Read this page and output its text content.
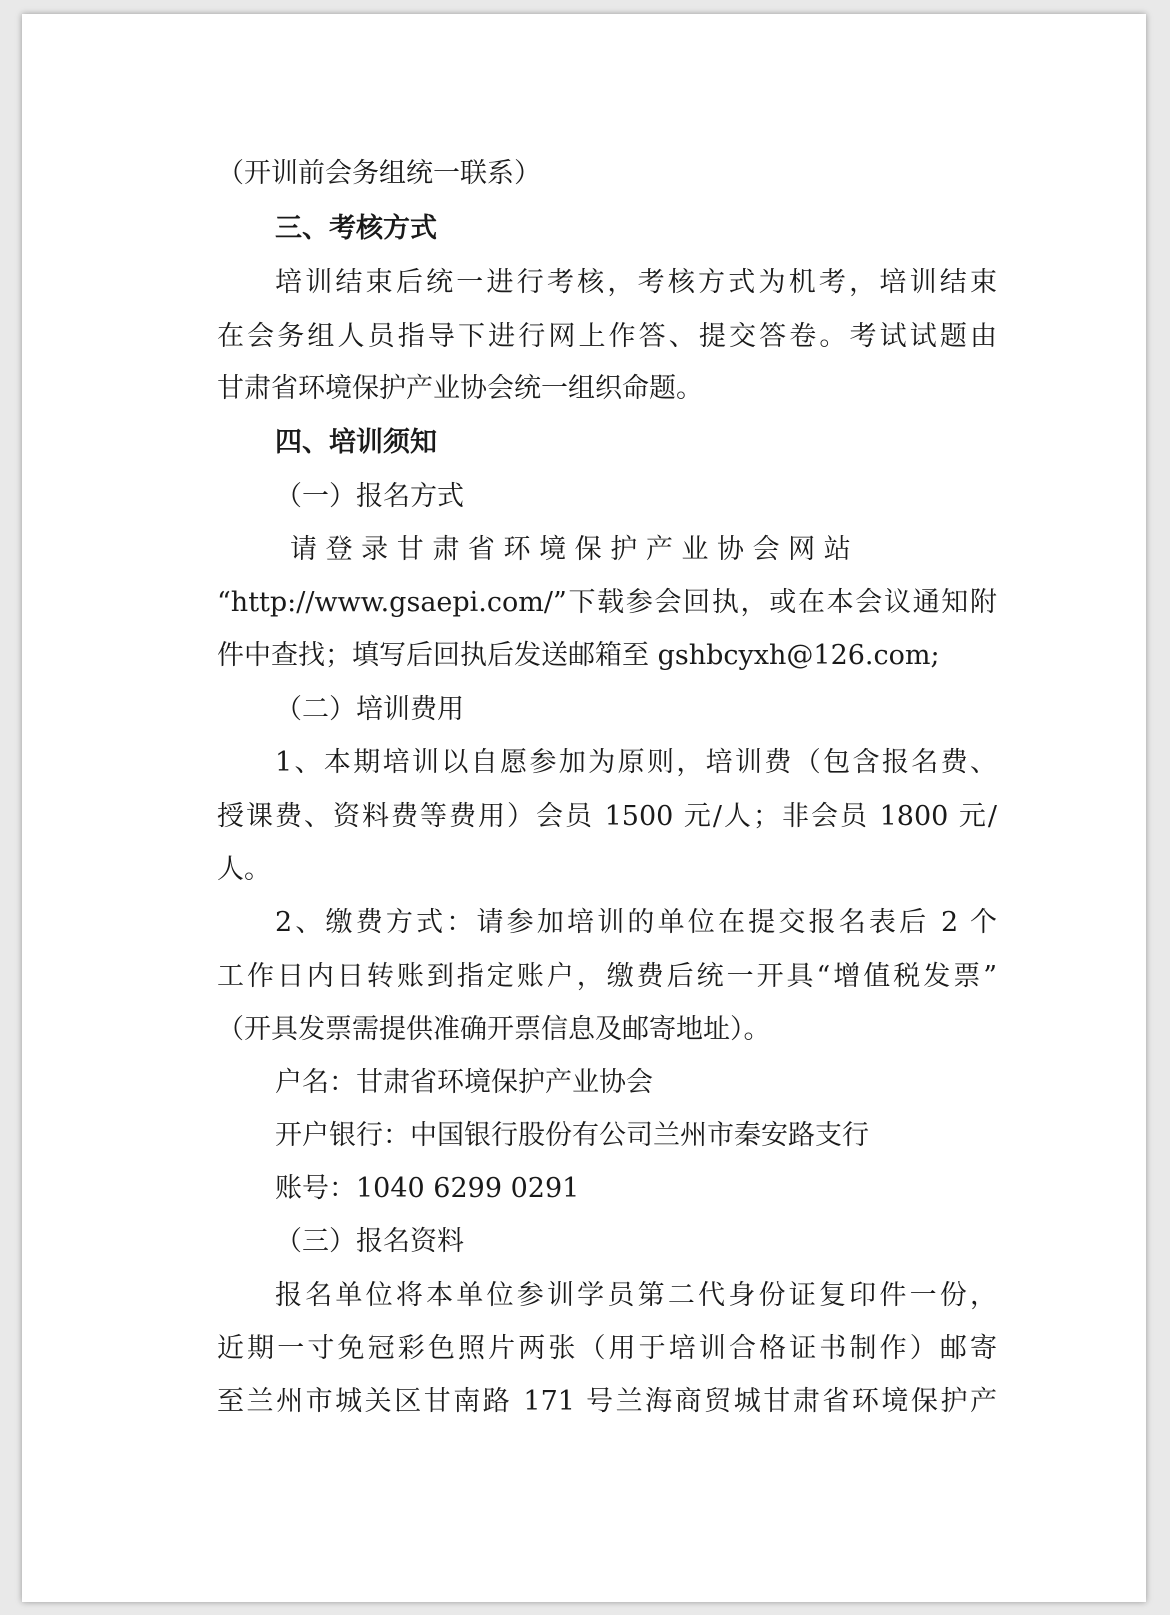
（开训前会务组统一联系）
三、考核方式
培训结束后统一进行考核，考核方式为机考，培训结束
在会务组人员指导下进行网上作答、提交答卷。考试试题由
甘肃省环境保护产业协会统一组织命题。
四、培训须知
（一）报名方式
请 登 录 甘 肃 省 环 境 保 护 产 业 协 会 网 站
“http://www.gsaepi.com/”下载参会回执，或在本会议通知附
件中查找；填写后回执后发送邮箱至 gshbcyxh@126.com;
（二）培训费用
1、本期培训以自愿参加为原则，培训费（包含报名费、
授课费、资料费等费用）会员 1500 元/人；非会员 1800 元/
人。
2、缴费方式：请参加培训的单位在提交报名表后 2 个
工作日内日转账到指定账户，缴费后统一开具“增值税发票”
（开具发票需提供准确开票信息及邮寄地址）。
户名：甘肃省环境保护产业协会
开户银行：中国银行股份有公司兰州市秦安路支行
账号：1040 6299 0291
（三）报名资料
报名单位将本单位参训学员第二代身份证复印件一份，
近期一寸免冠彩色照片两张（用于培训合格证书制作）邮寄
至兰州市城关区甘南路 171 号兰海商贸城甘肃省环境保护产
